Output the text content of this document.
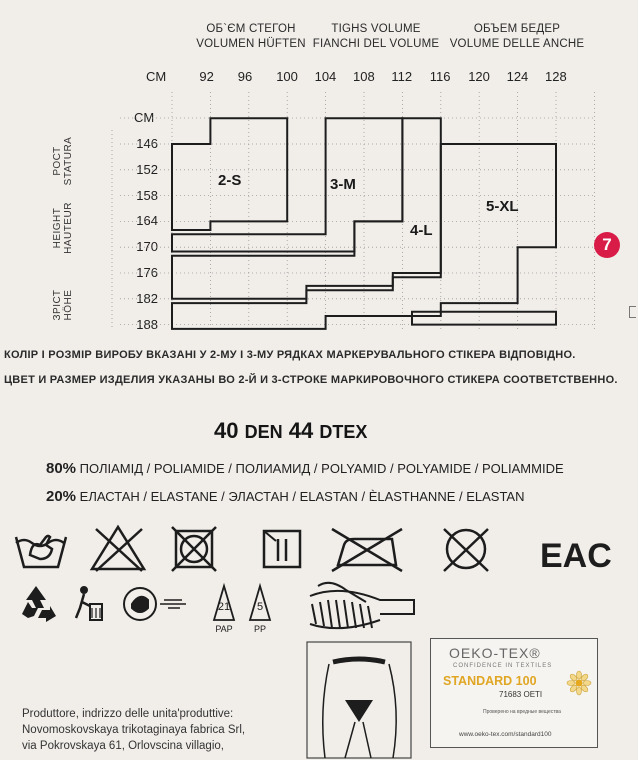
ОБ`ЄМ СТЕГОН
VOLUMEN HÜFTEN
TIGHS VOLUME
FIANCHI DEL VOLUME
ОБЪЕМ БЕДЕР
VOLUME DELLE ANCHE
CM
CM
92 96 100 104 108 112 116 120 124 128
146
152
158
164
170
176
182
188
РОСТ STATURA
HEIGHT HAUTEUR
ЗРІСТ HÖHE
2-S	3-M
4-L
5-XL
7
КОЛІР І РОЗМІР ВИРОБУ ВКАЗАНІ У 2-МУ І 3-МУ РЯДКАХ МАРКЕРУВАЛЬНОГО СТІКЕРА ВІДПОВІДНО.
ЦВЕТ И РАЗМЕР ИЗДЕЛИЯ УКАЗАНЫ ВО 2-Й И 3-СТРОКЕ МАРКИРОВОЧНОГО СТИКЕРА СООТВЕТСТВЕННО.
40 DEN 44 DTEX
80% ПОЛІАМІД / POLIAMIDE / ПОЛИАМИД / POLYAMID / POLYAMIDE / POLIAMMIDE
20% ЕЛАСТАН / ELASTANE / ЭЛАСТАН / ELASTAN / ÈLASTHANNE / ELASTAN
EAC
21
PAP
5
PP
OEKO-TEX®
CONFIDENCE IN TEXTILES
STANDARD 100
71683 OETI
Проверено на вредные вещества
www.oeko-tex.com/standard100
Produttore, indrizzo delle unita'produttive:
Novomoskovskaya trikotaginaya fabrica Srl,
via Pokrovskaya 61, Orlovscina villagio,
